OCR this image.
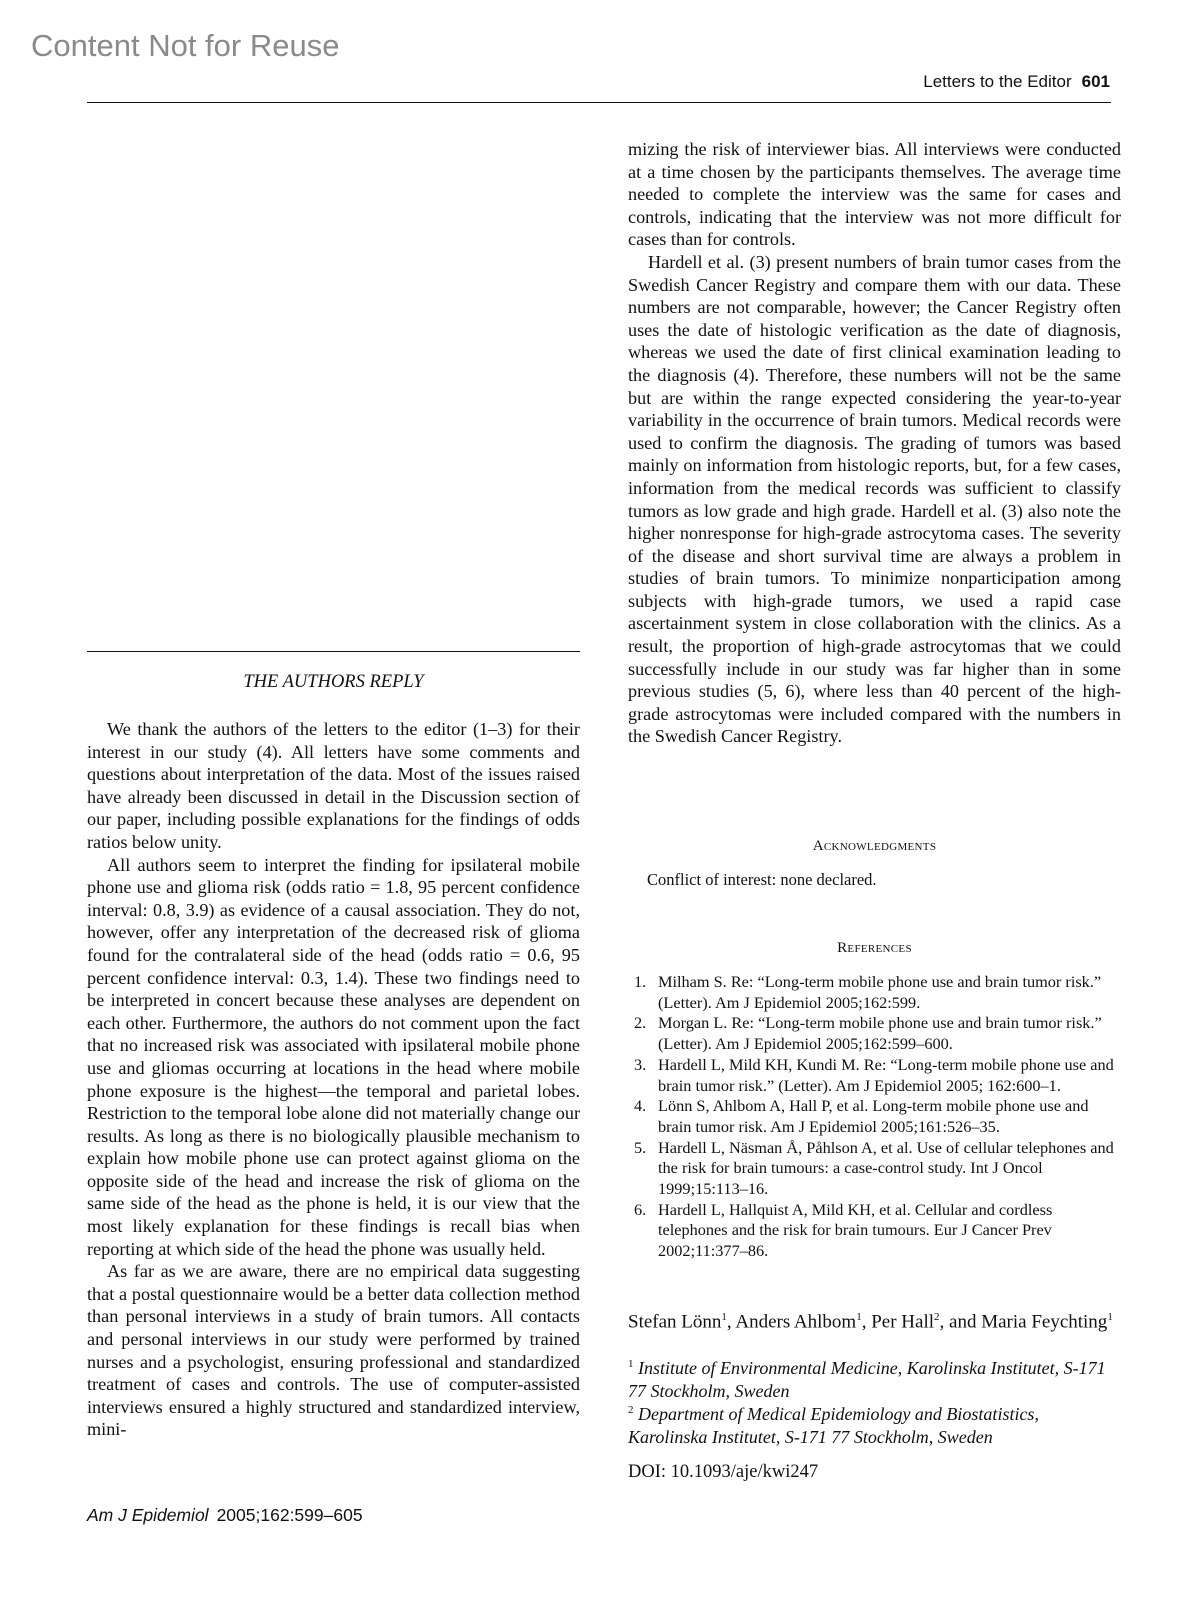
Content Not for Reuse
Letters to the Editor 601
THE AUTHORS REPLY

We thank the authors of the letters to the editor (1–3) for their interest in our study (4). All letters have some comments and questions about interpretation of the data. Most of the issues raised have already been discussed in detail in the Discussion section of our paper, including possible explanations for the findings of odds ratios below unity.

All authors seem to interpret the finding for ipsilateral mobile phone use and glioma risk (odds ratio = 1.8, 95 percent confidence interval: 0.8, 3.9) as evidence of a causal association. They do not, however, offer any interpretation of the decreased risk of glioma found for the contralateral side of the head (odds ratio = 0.6, 95 percent confidence interval: 0.3, 1.4). These two findings need to be interpreted in concert because these analyses are dependent on each other. Furthermore, the authors do not comment upon the fact that no increased risk was associated with ipsilateral mobile phone use and gliomas occurring at locations in the head where mobile phone exposure is the highest—the temporal and parietal lobes. Restriction to the temporal lobe alone did not materially change our results. As long as there is no biologically plausible mechanism to explain how mobile phone use can protect against glioma on the opposite side of the head and increase the risk of glioma on the same side of the head as the phone is held, it is our view that the most likely explanation for these findings is recall bias when reporting at which side of the head the phone was usually held.

As far as we are aware, there are no empirical data suggesting that a postal questionnaire would be a better data collection method than personal interviews in a study of brain tumors. All contacts and personal interviews in our study were performed by trained nurses and a psychologist, ensuring professional and standardized treatment of cases and controls. The use of computer-assisted interviews ensured a highly structured and standardized interview, mini-

mizing the risk of interviewer bias. All interviews were conducted at a time chosen by the participants themselves. The average time needed to complete the interview was the same for cases and controls, indicating that the interview was not more difficult for cases than for controls.

Hardell et al. (3) present numbers of brain tumor cases from the Swedish Cancer Registry and compare them with our data. These numbers are not comparable, however; the Cancer Registry often uses the date of histologic verification as the date of diagnosis, whereas we used the date of first clinical examination leading to the diagnosis (4). Therefore, these numbers will not be the same but are within the range expected considering the year-to-year variability in the occurrence of brain tumors. Medical records were used to confirm the diagnosis. The grading of tumors was based mainly on information from histologic reports, but, for a few cases, information from the medical records was sufficient to classify tumors as low grade and high grade. Hardell et al. (3) also note the higher nonresponse for high-grade astrocytoma cases. The severity of the disease and short survival time are always a problem in studies of brain tumors. To minimize nonparticipation among subjects with high-grade tumors, we used a rapid case ascertainment system in close collaboration with the clinics. As a result, the proportion of high-grade astrocytomas that we could successfully include in our study was far higher than in some previous studies (5, 6), where less than 40 percent of the high-grade astrocytomas were included compared with the numbers in the Swedish Cancer Registry.

Acknowledgments
Conflict of interest: none declared.
References
1. Milham S. Re: “Long-term mobile phone use and brain tumor risk.” (Letter). Am J Epidemiol 2005;162:599.
2. Morgan L. Re: “Long-term mobile phone use and brain tumor risk.” (Letter). Am J Epidemiol 2005;162:599–600.
3. Hardell L, Mild KH, Kundi M. Re: “Long-term mobile phone use and brain tumor risk.” (Letter). Am J Epidemiol 2005; 162:600–1.
4. Lönn S, Ahlbom A, Hall P, et al. Long-term mobile phone use and brain tumor risk. Am J Epidemiol 2005;161:526–35.
5. Hardell L, Näsman Å, Påhlson A, et al. Use of cellular telephones and the risk for brain tumours: a case-control study. Int J Oncol 1999;15:113–16.
6. Hardell L, Hallquist A, Mild KH, et al. Cellular and cordless telephones and the risk for brain tumours. Eur J Cancer Prev 2002;11:377–86.
Stefan Lönn$^1$, Anders Ahlbom$^1$, Per Hall$^2$, and Maria Feychting$^1$
$^1$ Institute of Environmental Medicine, Karolinska Institutet, S-171 77 Stockholm, Sweden
$^2$ Department of Medical Epidemiology and Biostatistics, Karolinska Institutet, S-171 77 Stockholm, Sweden
DOI: 10.1093/aje/kwi247
Am J Epidemiol 2005;162:599–605
